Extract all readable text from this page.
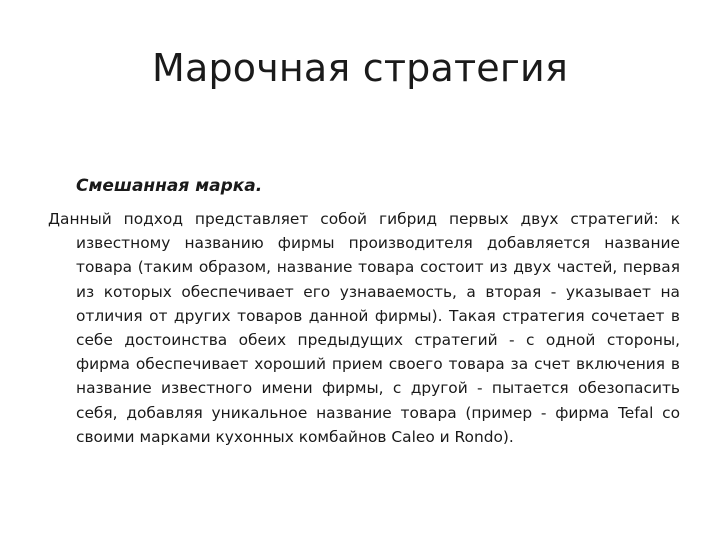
Марочная стратегия

Смешанная марка.

Данный подход представляет собой гибрид первых двух стратегий: к известному названию фирмы производителя добавляется название товара (таким образом, название товара состоит из двух частей, первая из которых обеспечивает его узнаваемость, а вторая - указывает на отличия от других товаров данной фирмы). Такая стратегия сочетает в себе достоинства обеих предыдущих стратегий - с одной стороны, фирма обеспечивает хороший прием своего товара за счет включения в название известного имени фирмы, с другой - пытается обезопасить себя, добавляя уникальное название товара (пример - фирма Tefal со своими марками кухонных комбайнов Caleo и Rondo).
